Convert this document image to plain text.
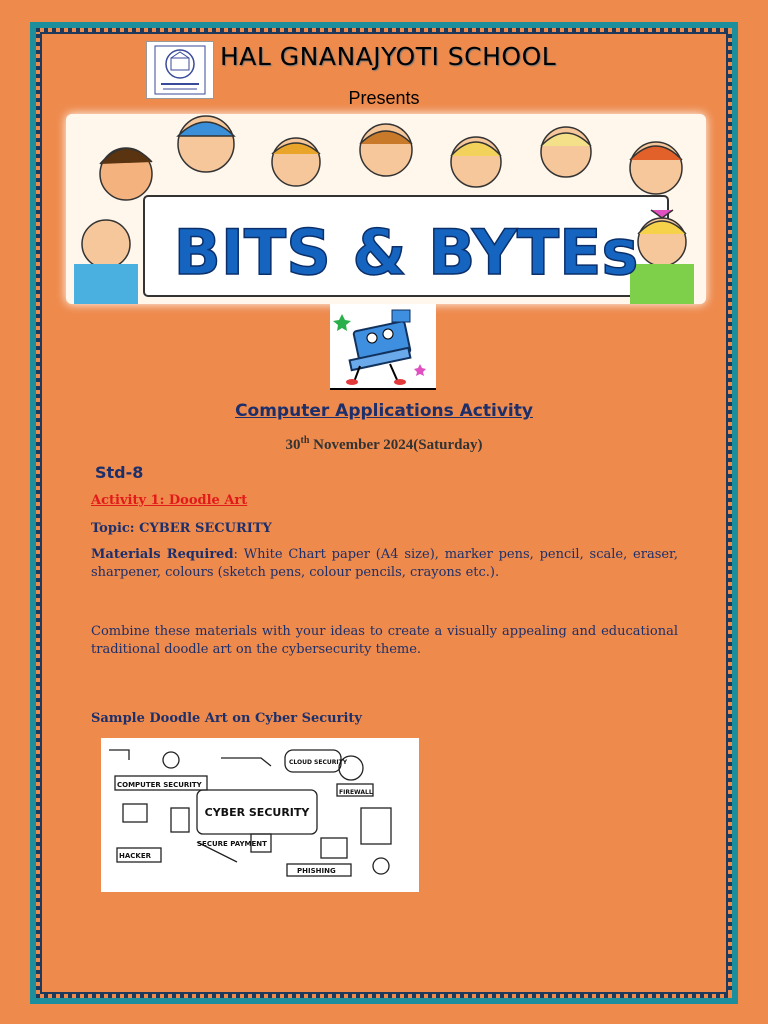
HAL GNANAJYOTI SCHOOL
Presents
BITS & BYTEs
Computer Applications Activity
30th November 2024(Saturday)
Std-8
Activity 1: Doodle Art
Topic: CYBER SECURITY
Materials Required: White Chart paper (A4 size), marker pens, pencil, scale, eraser, sharpener, colours (sketch pens, colour pencils, crayons etc.).
Combine these materials with your ideas to create a visually appealing and educational traditional doodle art on the cybersecurity theme.
Sample Doodle Art on Cyber Security
CYBER SECURITY
COMPUTER SECURITY
CLOUD SECURITY
FIREWALL
SECURE PAYMENT
HACKER
PHISHING
